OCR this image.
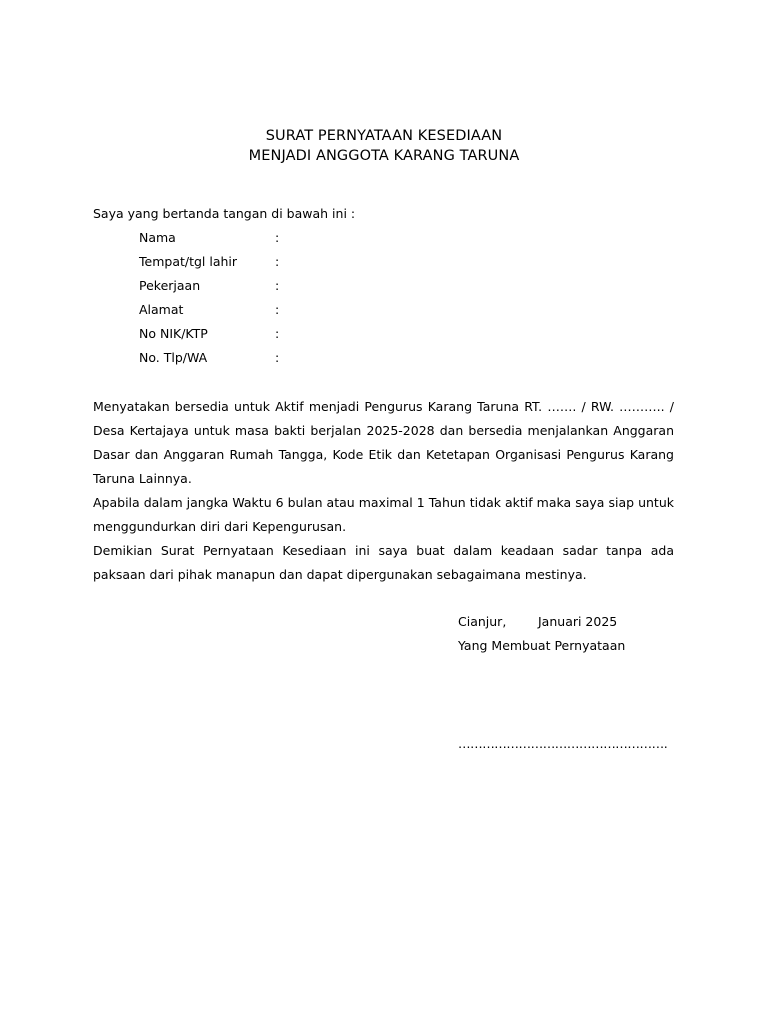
SURAT PERNYATAAN KESEDIAAN
MENJADI ANGGOTA KARANG TARUNA
Saya yang bertanda tangan di bawah ini :
Nama	:
Tempat/tgl lahir	:
Pekerjaan	:
Alamat	:
No NIK/KTP	:
No. Tlp/WA	:
Menyatakan bersedia untuk Aktif menjadi Pengurus Karang Taruna RT. ……. / RW. ……….. / Desa Kertajaya untuk masa bakti berjalan 2025-2028 dan bersedia menjalankan Anggaran Dasar dan Anggaran Rumah Tangga, Kode Etik dan Ketetapan Organisasi Pengurus Karang Taruna Lainnya.
Apabila dalam jangka Waktu 6 bulan atau maximal 1 Tahun tidak aktif maka saya siap untuk menggundurkan diri dari Kepengurusan.
Demikian Surat Pernyataan Kesediaan ini saya buat dalam keadaan sadar tanpa ada paksaan dari pihak manapun dan dapat dipergunakan sebagaimana mestinya.
Cianjur,	Januari 2025
Yang Membuat Pernyataan
…………………………………………….
